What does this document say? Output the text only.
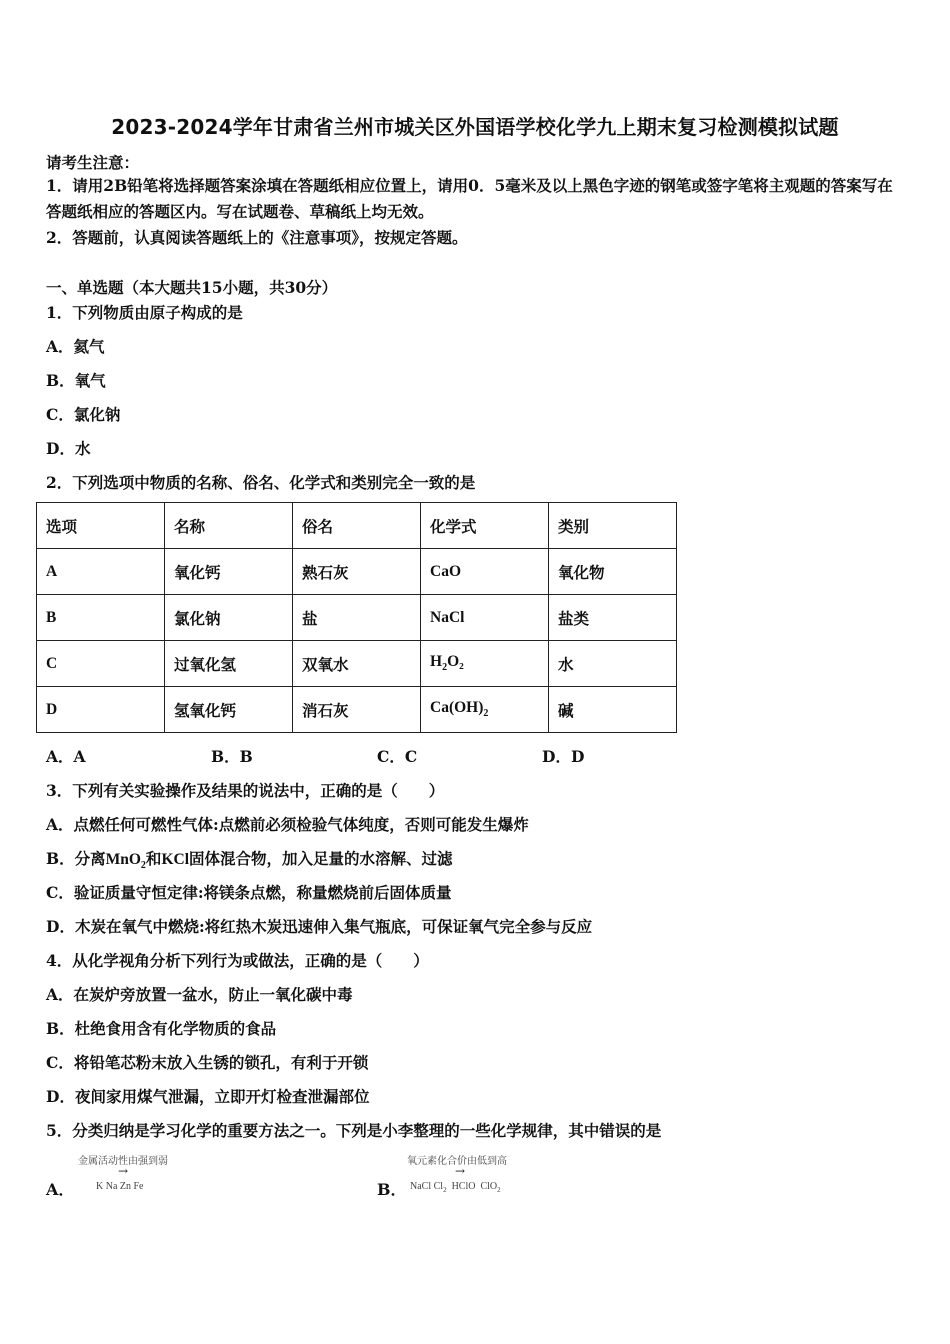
2023-2024学年甘肃省兰州市城关区外国语学校化学九上期末复习检测模拟试题
请考生注意：
1．请用2B铅笔将选择题答案涂填在答题纸相应位置上，请用0．5毫米及以上黑色字迹的钢笔或签字笔将主观题的答案写在答题纸相应的答题区内。写在试题卷、草稿纸上均无效。
2．答题前，认真阅读答题纸上的《注意事项》，按规定答题。
一、单选题（本大题共15小题，共30分）
1．下列物质由原子构成的是
A．氦气
B．氧气
C．氯化钠
D．水
2．下列选项中物质的名称、俗名、化学式和类别完全一致的是
选项	名称	俗名	化学式	类别
A	氧化钙	熟石灰	CaO	氧化物
B	氯化钠	盐	NaCl	盐类
C	过氧化氢	双氧水	$H_2O_2$	水
D	氢氧化钙	消石灰	$Ca(OH)_2$	碱
A．A	B．B	C．C	D．D
3．下列有关实验操作及结果的说法中，正确的是（　　）
A．点燃任何可燃性气体:点燃前必须检验气体纯度，否则可能发生爆炸
B．分离MnO$_2$和KCl固体混合物，加入足量的水溶解、过滤
C．验证质量守恒定律:将镁条点燃，称量燃烧前后固体质量
D．木炭在氧气中燃烧:将红热木炭迅速伸入集气瓶底，可保证氧气完全参与反应
4．从化学视角分析下列行为或做法，正确的是（　　）
A．在炭炉旁放置一盆水，防止一氧化碳中毒
B．杜绝食用含有化学物质的食品
C．将铅笔芯粉末放入生锈的锁孔，有利于开锁
D．夜间家用煤气泄漏，立即开灯检查泄漏部位
5．分类归纳是学习化学的重要方法之一。下列是小李整理的一些化学规律，其中错误的是
金属活动性由强到弱
→
A． K Na Zn Fe
氧元素化合价由低到高
→
B． NaCl $Cl_2$  HClO  ClO$_2$
